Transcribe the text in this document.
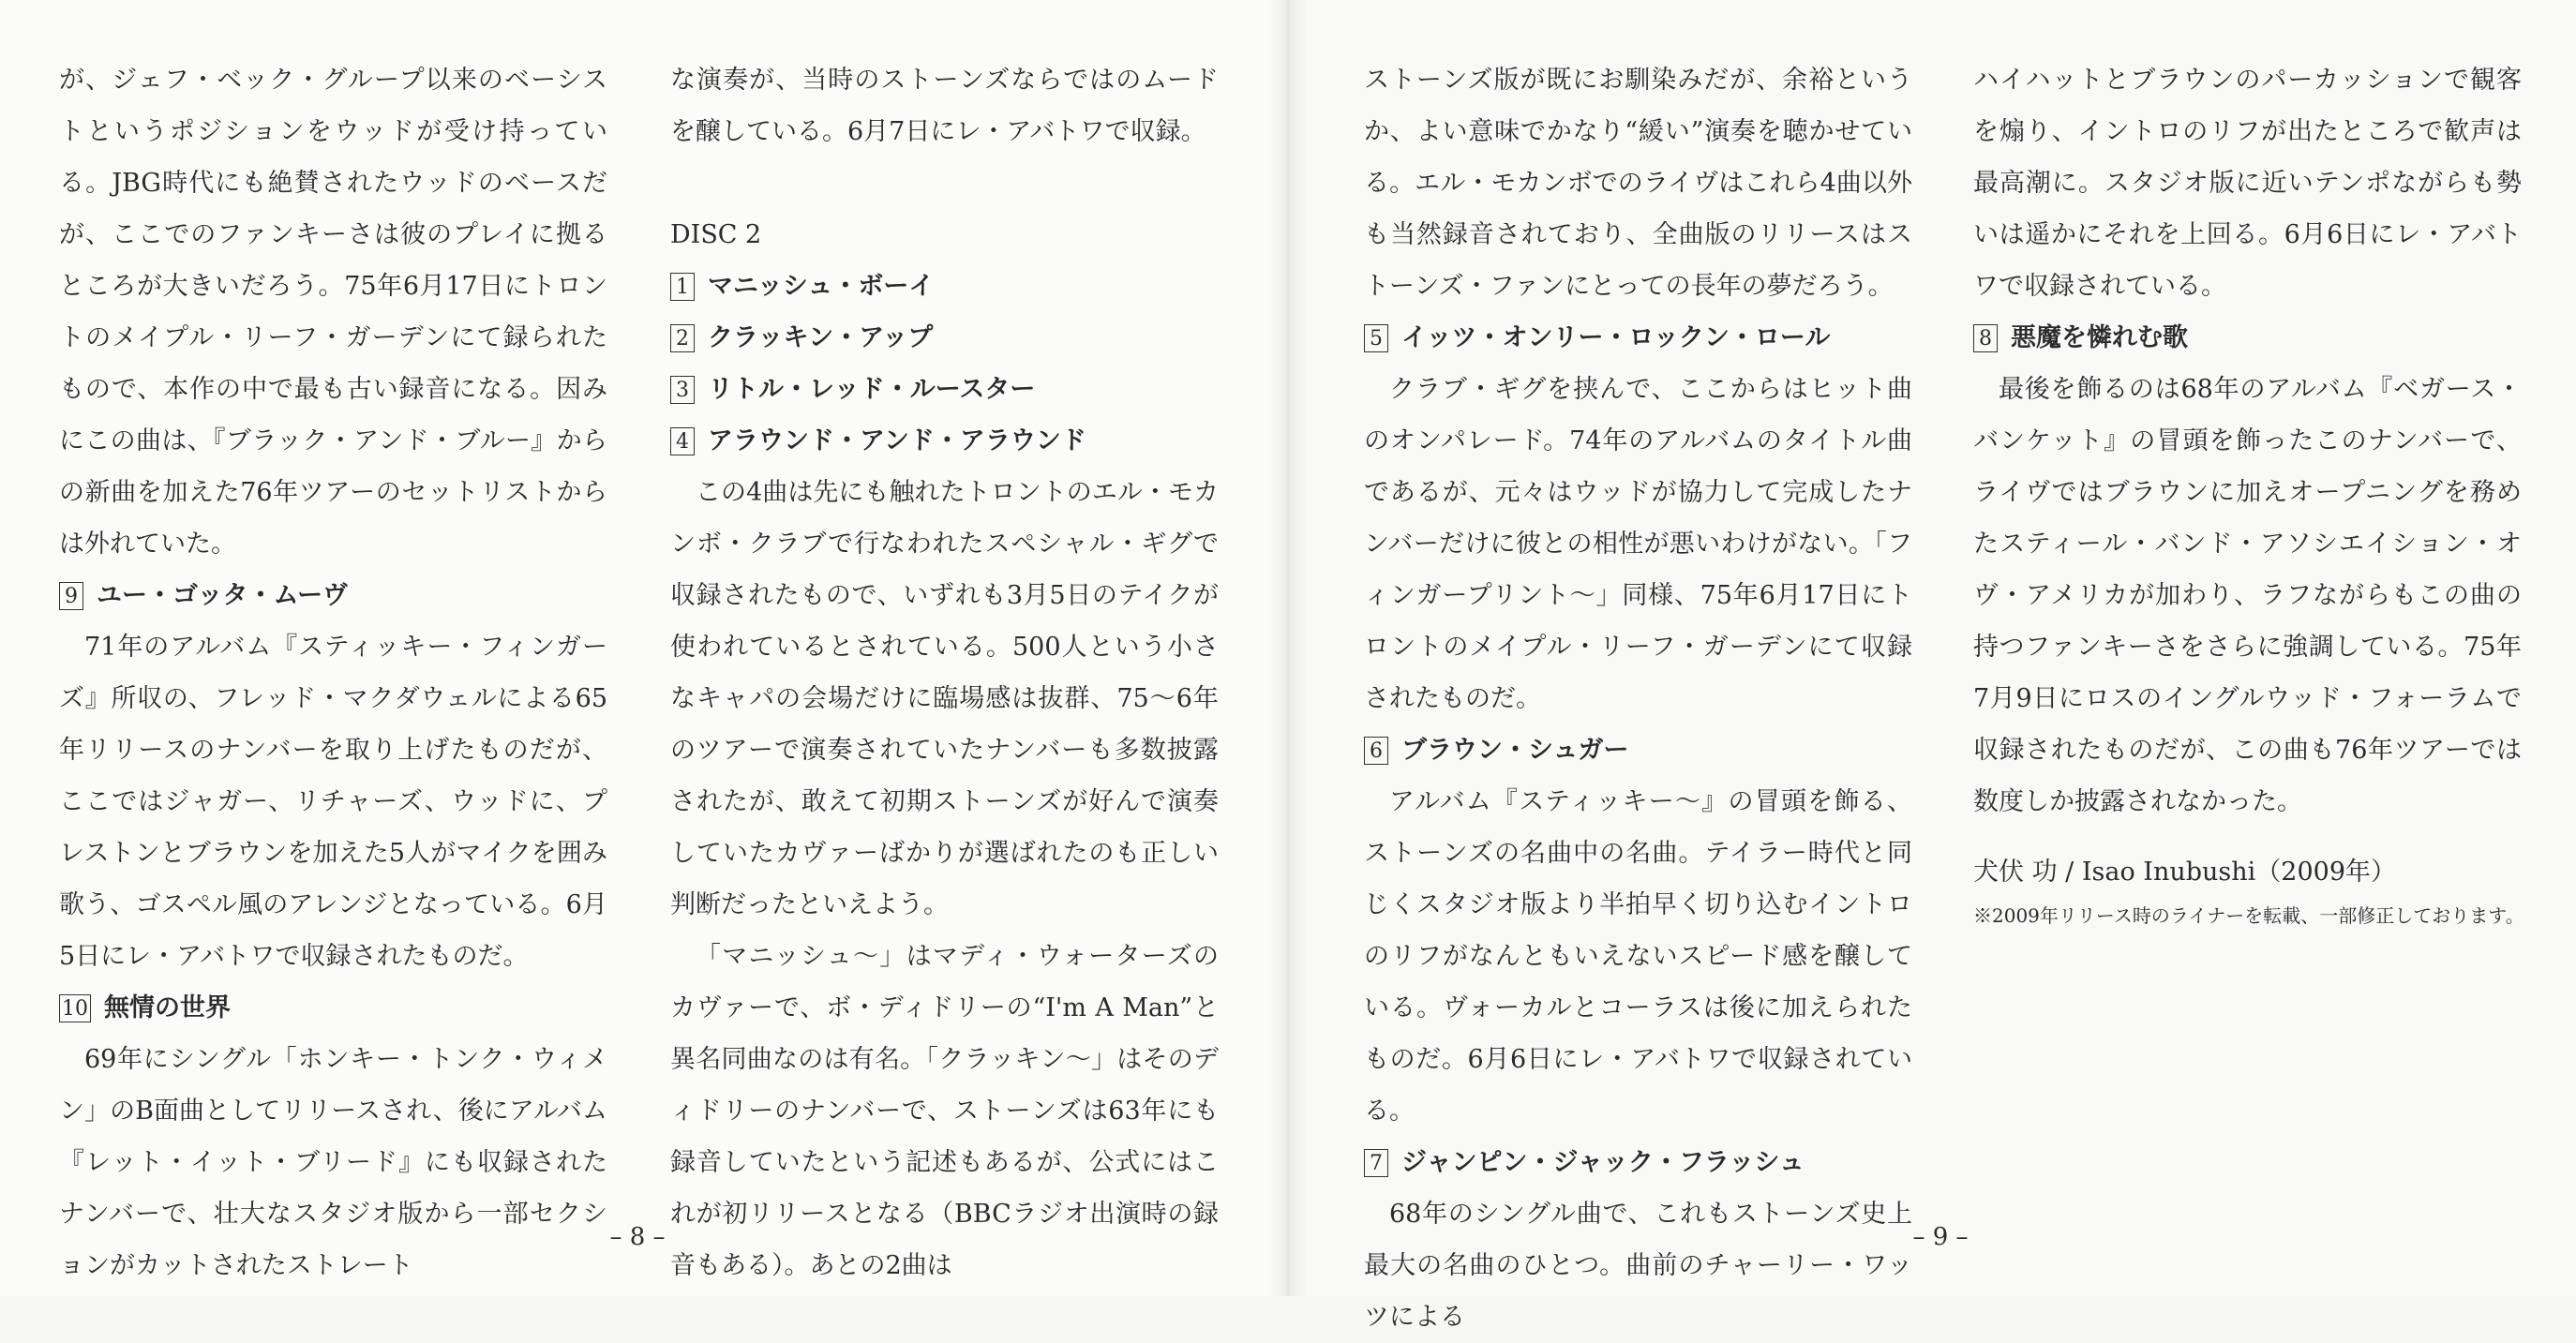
が、ジェフ・ベック・グループ以来のベーシストというポジションをウッドが受け持っている。JBG時代にも絶賛されたウッドのベースだが、ここでのファンキーさは彼のプレイに拠るところが大きいだろう。75年6月17日にトロントのメイプル・リーフ・ガーデンにて録られたもので、本作の中で最も古い録音になる。因みにこの曲は、『ブラック・アンド・ブルー』からの新曲を加えた76年ツアーのセットリストからは外れていた。

9 ユー・ゴッタ・ムーヴ

71年のアルバム『スティッキー・フィンガーズ』所収の、フレッド・マクダウェルによる65年リリースのナンバーを取り上げたものだが、ここではジャガー、リチャーズ、ウッドに、プレストンとブラウンを加えた5人がマイクを囲み歌う、ゴスペル風のアレンジとなっている。6月5日にレ・アバトワで収録されたものだ。

10 無情の世界

69年にシングル「ホンキー・トンク・ウィメン」のB面曲としてリリースされ、後にアルバム『レット・イット・ブリード』にも収録されたナンバーで、壮大なスタジオ版から一部セクションがカットされたストレート

な演奏が、当時のストーンズならではのムードを醸している。6月7日にレ・アバトワで収録。

DISC 2

1 マニッシュ・ボーイ
2 クラッキン・アップ
3 リトル・レッド・ルースター
4 アラウンド・アンド・アラウンド

この4曲は先にも触れたトロントのエル・モカンボ・クラブで行なわれたスペシャル・ギグで収録されたもので、いずれも3月5日のテイクが使われているとされている。500人という小さなキャパの会場だけに臨場感は抜群、75～6年のツアーで演奏されていたナンバーも多数披露されたが、敢えて初期ストーンズが好んで演奏していたカヴァーばかりが選ばれたのも正しい判断だったといえよう。

「マニッシュ～」はマディ・ウォーターズのカヴァーで、ボ・ディドリーの“I'm A Man”と異名同曲なのは有名。「クラッキン～」はそのディドリーのナンバーで、ストーンズは63年にも録音していたという記述もあるが、公式にはこれが初リリースとなる（BBCラジオ出演時の録音もある）。あとの2曲は

– 8 –

ストーンズ版が既にお馴染みだが、余裕というか、よい意味でかなり“緩い”演奏を聴かせている。エル・モカンボでのライヴはこれら4曲以外も当然録音されており、全曲版のリリースはストーンズ・ファンにとっての長年の夢だろう。

5 イッツ・オンリー・ロックン・ロール

クラブ・ギグを挟んで、ここからはヒット曲のオンパレード。74年のアルバムのタイトル曲であるが、元々はウッドが協力して完成したナンバーだけに彼との相性が悪いわけがない。「フィンガープリント～」同様、75年6月17日にトロントのメイプル・リーフ・ガーデンにて収録されたものだ。

6 ブラウン・シュガー

アルバム『スティッキー～』の冒頭を飾る、ストーンズの名曲中の名曲。テイラー時代と同じくスタジオ版より半拍早く切り込むイントロのリフがなんともいえないスピード感を醸している。ヴォーカルとコーラスは後に加えられたものだ。6月6日にレ・アバトワで収録されている。

7 ジャンピン・ジャック・フラッシュ

68年のシングル曲で、これもストーンズ史上最大の名曲のひとつ。曲前のチャーリー・ワッツによる

ハイハットとブラウンのパーカッションで観客を煽り、イントロのリフが出たところで歓声は最高潮に。スタジオ版に近いテンポながらも勢いは遥かにそれを上回る。6月6日にレ・アバトワで収録されている。

8 悪魔を憐れむ歌

最後を飾るのは68年のアルバム『ベガース・バンケット』の冒頭を飾ったこのナンバーで、ライヴではブラウンに加えオープニングを務めたスティール・バンド・アソシエイション・オヴ・アメリカが加わり、ラフながらもこの曲の持つファンキーさをさらに強調している。75年7月9日にロスのイングルウッド・フォーラムで収録されたものだが、この曲も76年ツアーでは数度しか披露されなかった。

犬伏 功 / Isao Inubushi（2009年）

※2009年リリース時のライナーを転載、一部修正しております。

– 9 –
